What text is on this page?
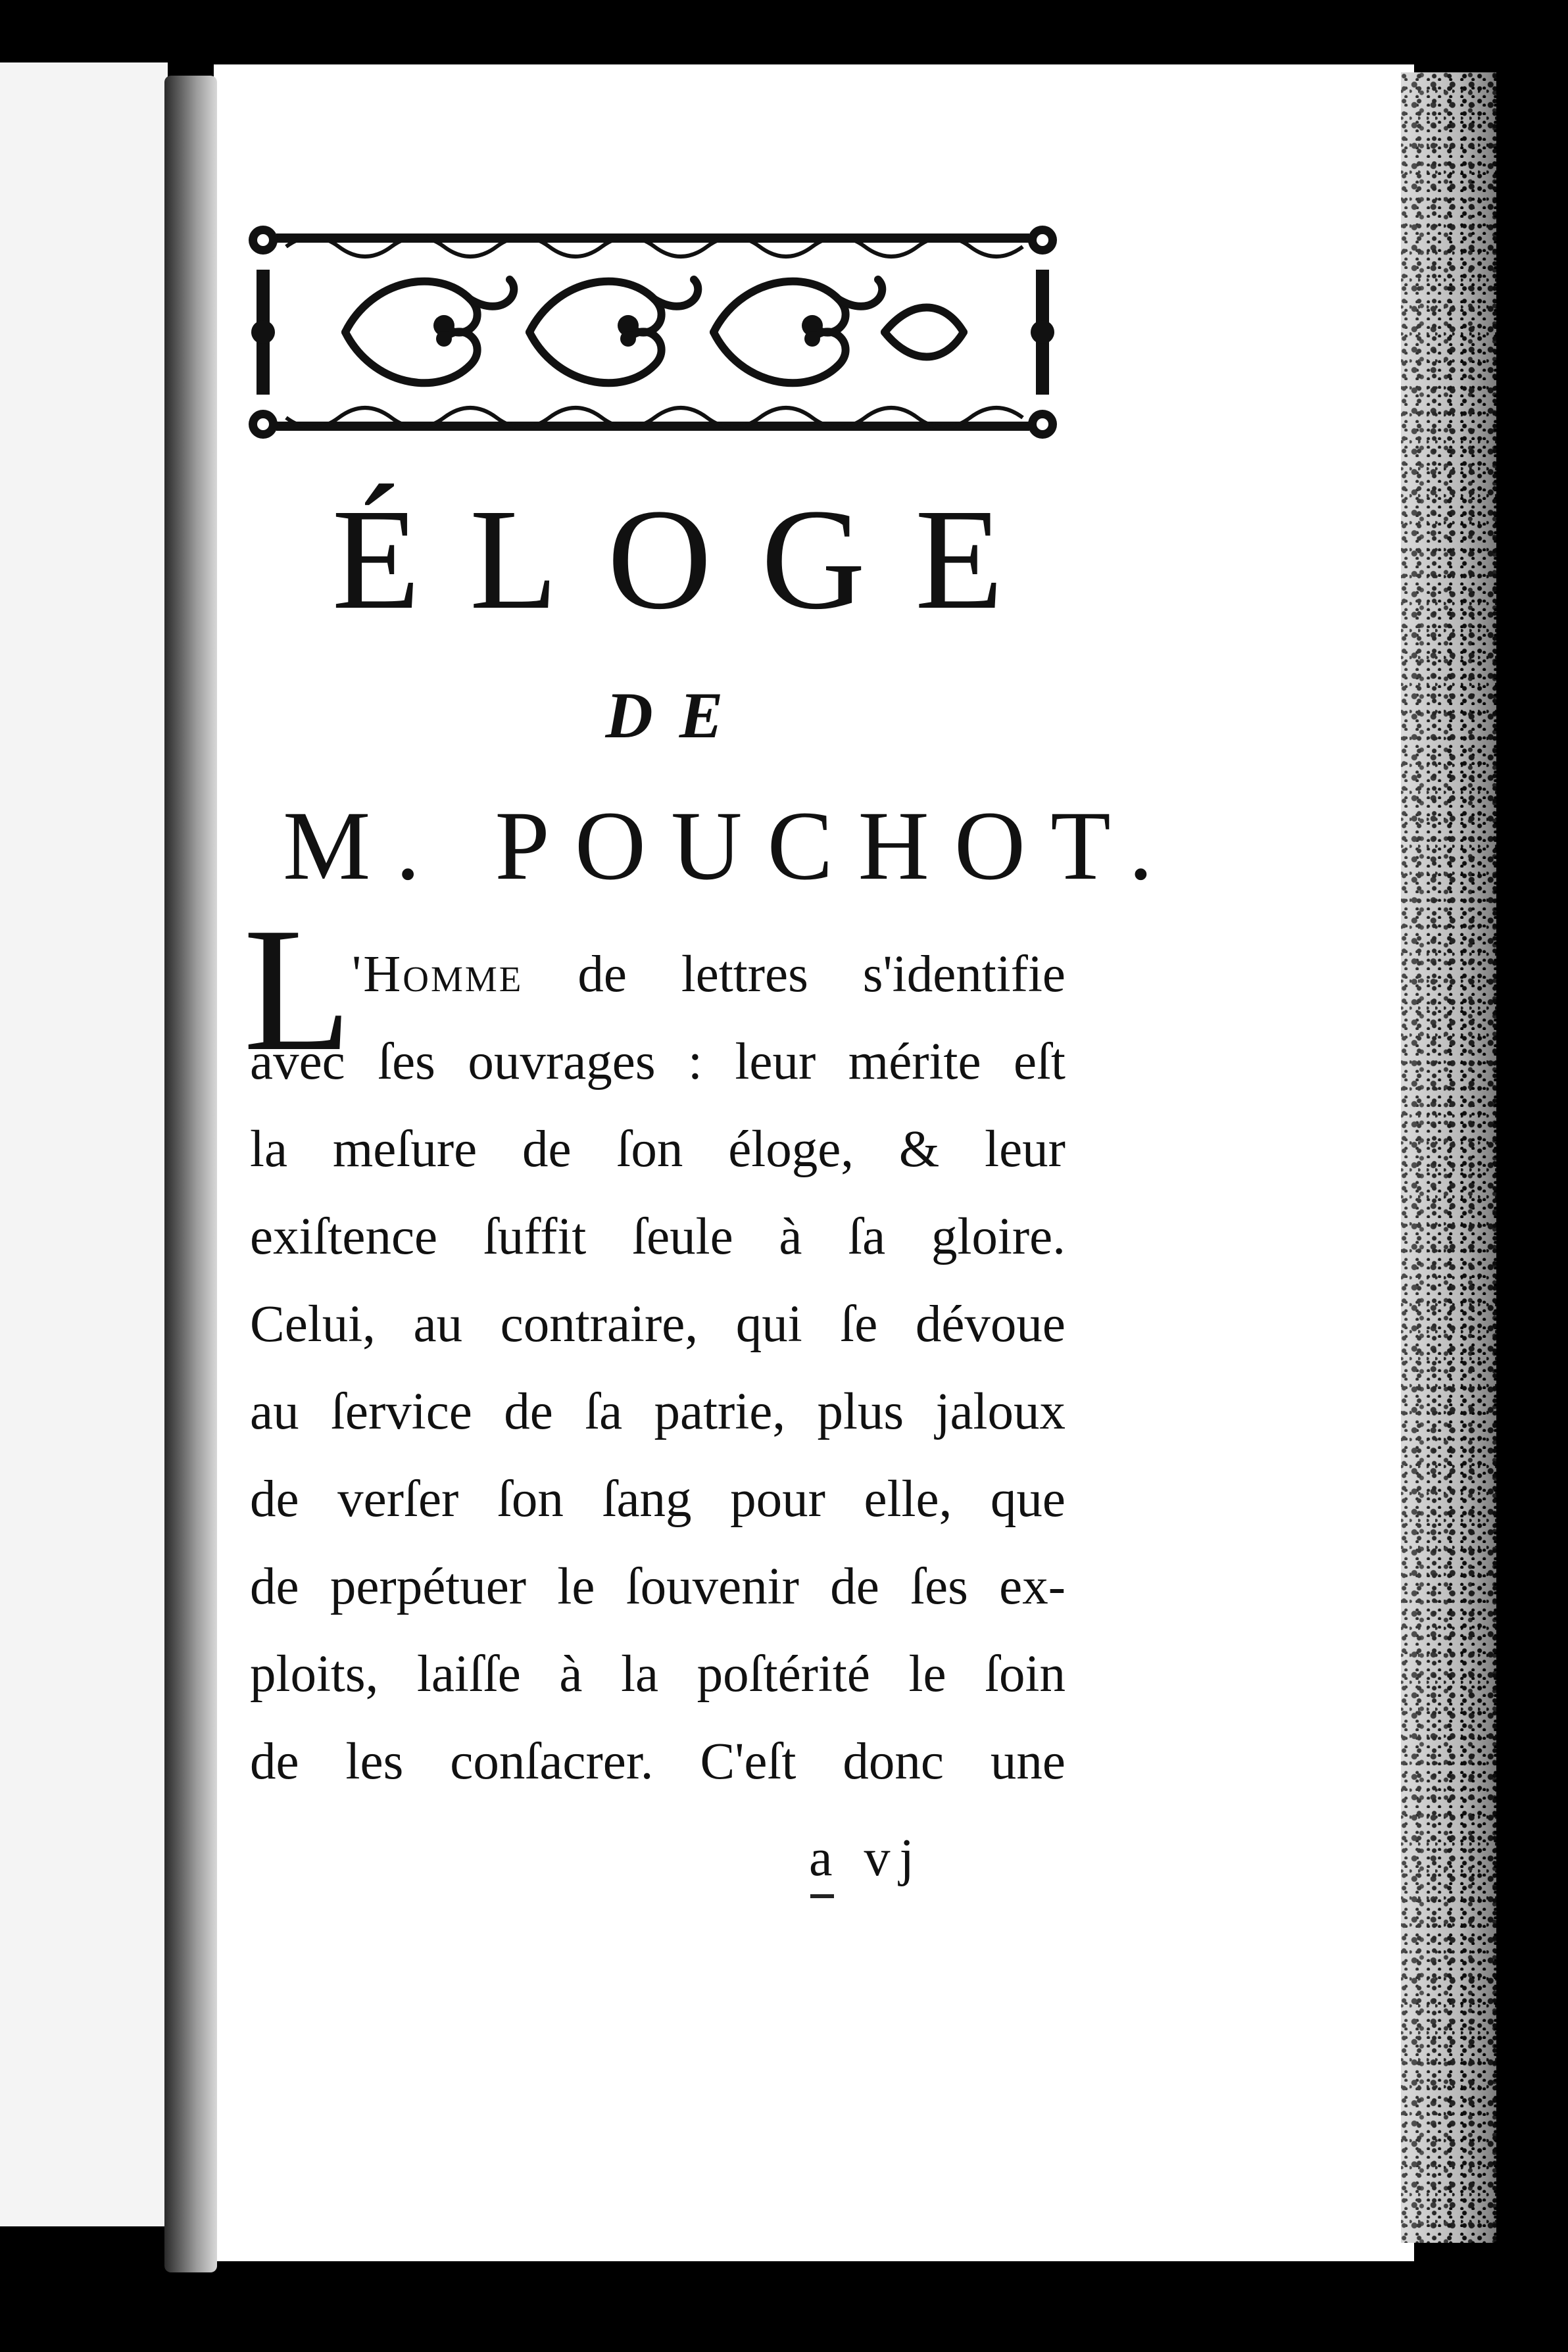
ÉLOGE
DE
M. POUCHOT.
L 'Homme de lettres s'identifie
avec ſes ouvrages : leur mérite eſt
la meſure de ſon éloge, & leur
exiſtence ſuffit ſeule à ſa gloire.
Celui, au contraire, qui ſe dévoue
au ſervice de ſa patrie, plus jaloux
de verſer ſon ſang pour elle, que
de perpétuer le ſouvenir de ſes ex-
ploits, laiſſe à la poſtérité le ſoin
de les conſacrer. C'eſt donc une
a vj
